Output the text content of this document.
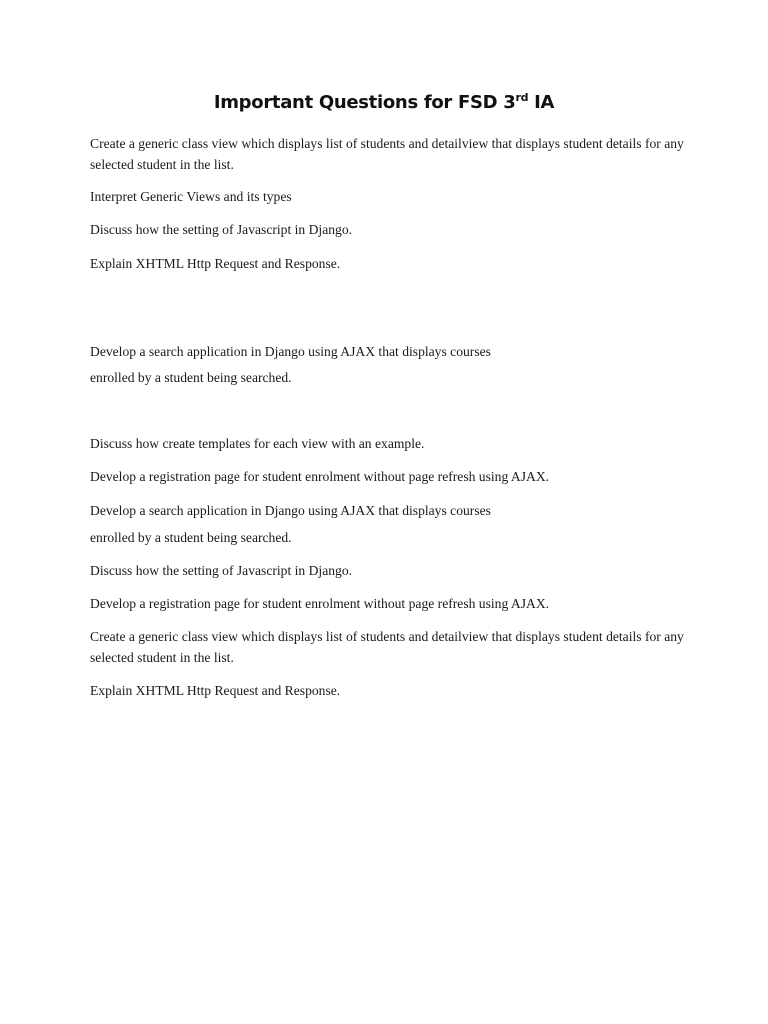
Important Questions for FSD 3rd IA

Create a generic class view which displays list of students and detailview that displays student details for any selected student in the list.

Interpret Generic Views and its types

Discuss how the setting of Javascript in Django.

Explain XHTML Http Request and Response.

Develop a search application in Django using AJAX that displays courses

enrolled by a student being searched.

Discuss how create templates for each view with an example.

Develop a registration page for student enrolment without page refresh using AJAX.

Develop a search application in Django using AJAX that displays courses

enrolled by a student being searched.

Discuss how the setting of Javascript in Django.

Develop a registration page for student enrolment without page refresh using AJAX.

Create a generic class view which displays list of students and detailview that displays student details for any selected student in the list.

Explain XHTML Http Request and Response.
